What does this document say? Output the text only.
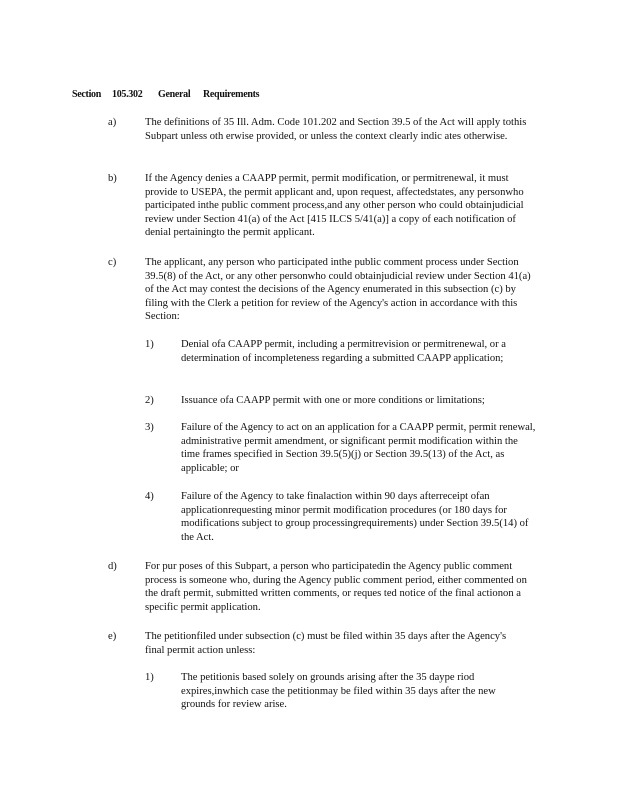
Section 105.302 General Requirements
a)	The definitions of 35 Ill. Adm. Code 101.202 and Section 39.5 of the Act will apply tothis Subpart unless oth erwise provided, or unless the context clearly indic ates otherwise.
b)	If the Agency denies a CAAPP permit, permit modification, or permitrenewal, it must provide to USEPA, the permit applicant and, upon request, affectedstates, any personwho participated inthe public comment process,and any other person who could obtainjudicial review under Section 41(a) of the Act [415 ILCS 5/41(a)] a copy of each notification of denial pertainingto the permit applicant.
c)	The applicant, any person who participated inthe public comment process under Section 39.5(8) of the Act, or any other personwho could obtainjudicial review under Section 41(a) of the Act may contest the decisions of the Agency enumerated in this subsection (c) by filing with the Clerk a petition for review of the Agency's action in accordance with this Section:
1)	Denial ofa CAAPP permit, including a permitrevision or permitrenewal, or a determination of incompleteness regarding a submitted CAAPP application;
2)	Issuance ofa CAAPP permit with one or more conditions or limitations;
3)	Failure of the Agency to act on an application for a CAAPP permit, permit renewal, administrative permit amendment, or significant permit modification within the time frames specified in Section 39.5(5)(j) or Section 39.5(13) of the Act, as applicable; or
4)	Failure of the Agency to take finalaction within 90 days afterreceipt ofan applicationrequesting minor permit modification procedures (or 180 days for modifications subject to group processingrequirements) under Section 39.5(14) of the Act.
d)	For pur poses of this Subpart, a person who participatedin the Agency public comment process is someone who, during the Agency public comment period, either commented on the draft permit, submitted written comments, or reques ted notice of the final actionon a specific permit application.
e)	The petitionfiled under subsection (c) must be filed within 35 days after the Agency's final permit action unless:
1)	The petitionis based solely on grounds arising after the 35 daype riod expires,inwhich case the petitionmay be filed within 35 days after the new grounds for review arise.
